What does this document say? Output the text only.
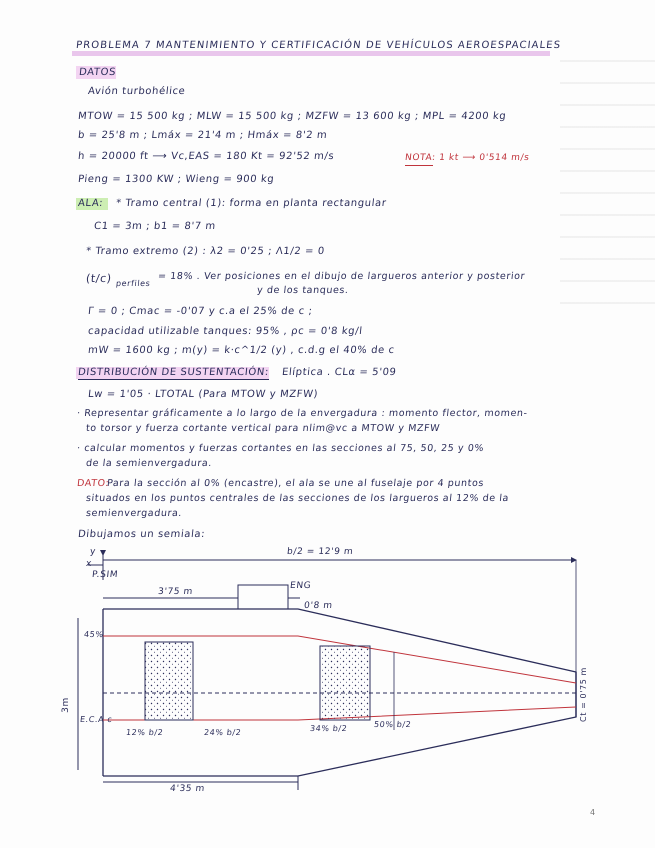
PROBLEMA 7 MANTENIMIENTO Y CERTIFICACIÓN DE VEHÍCULOS AEROESPACIALES
DATOS
Avión turbohélice
MTOW = 15 500 kg ; MLW = 15 500 kg ; MZFW = 13 600 kg ; MPL = 4200 kg
b = 25'8 m ; Lmáx = 21'4 m ; Hmáx = 8'2 m
h = 20000 ft ⟶ Vc,EAS = 180 Kt = 92'52 m/s	NOTA: 1 kt ⟶ 0'514 m/s
Pieng = 1300 KW ; Wieng = 900 kg
ALA: * Tramo central (1): forma en planta rectangular
C1 = 3m ; b1 = 8'7 m
* Tramo extremo (2) : λ2 = 0'25 ; Λ1/2 = 0
(t/c) perfiles
= 18% . Ver posiciones en el dibujo de largueros anterior y posterior
y de los tanques.
Γ = 0 ; Cmac = -0'07 y c.a el 25% de c ;
capacidad utilizable tanques: 95% , ρc = 0'8 kg/l
mW = 1600 kg ; m(y) = k·c^1/2 (y) , c.d.g el 40% de c
DISTRIBUCIÓN DE SUSTENTACIÓN: Elíptica . CLα = 5'09
Lw = 1'05 · LTOTAL (Para MTOW y MZFW)
· Representar gráficamente a lo largo de la envergadura : momento flector, momen-
to torsor y fuerza cortante vertical para nlim@vc a MTOW y MZFW
· calcular momentos y fuerzas cortantes en las secciones al 75, 50, 25 y 0%
de la semienvergadura.
DATO:
Para la sección al 0% (encastre), el ala se une al fuselaje por 4 puntos
situados en los puntos centrales de las secciones de los largueros al 12% de la
semienvergadura.
Dibujamos un semiala:
y
x
P.SIM
b/2 = 12'9 m
ENG
3'75 m
0'8 m
3m	Ct = 0'75 m
45%
E.C.A c
4'35 m
12% b/2	24% b/2	34% b/2	50% b/2
4
